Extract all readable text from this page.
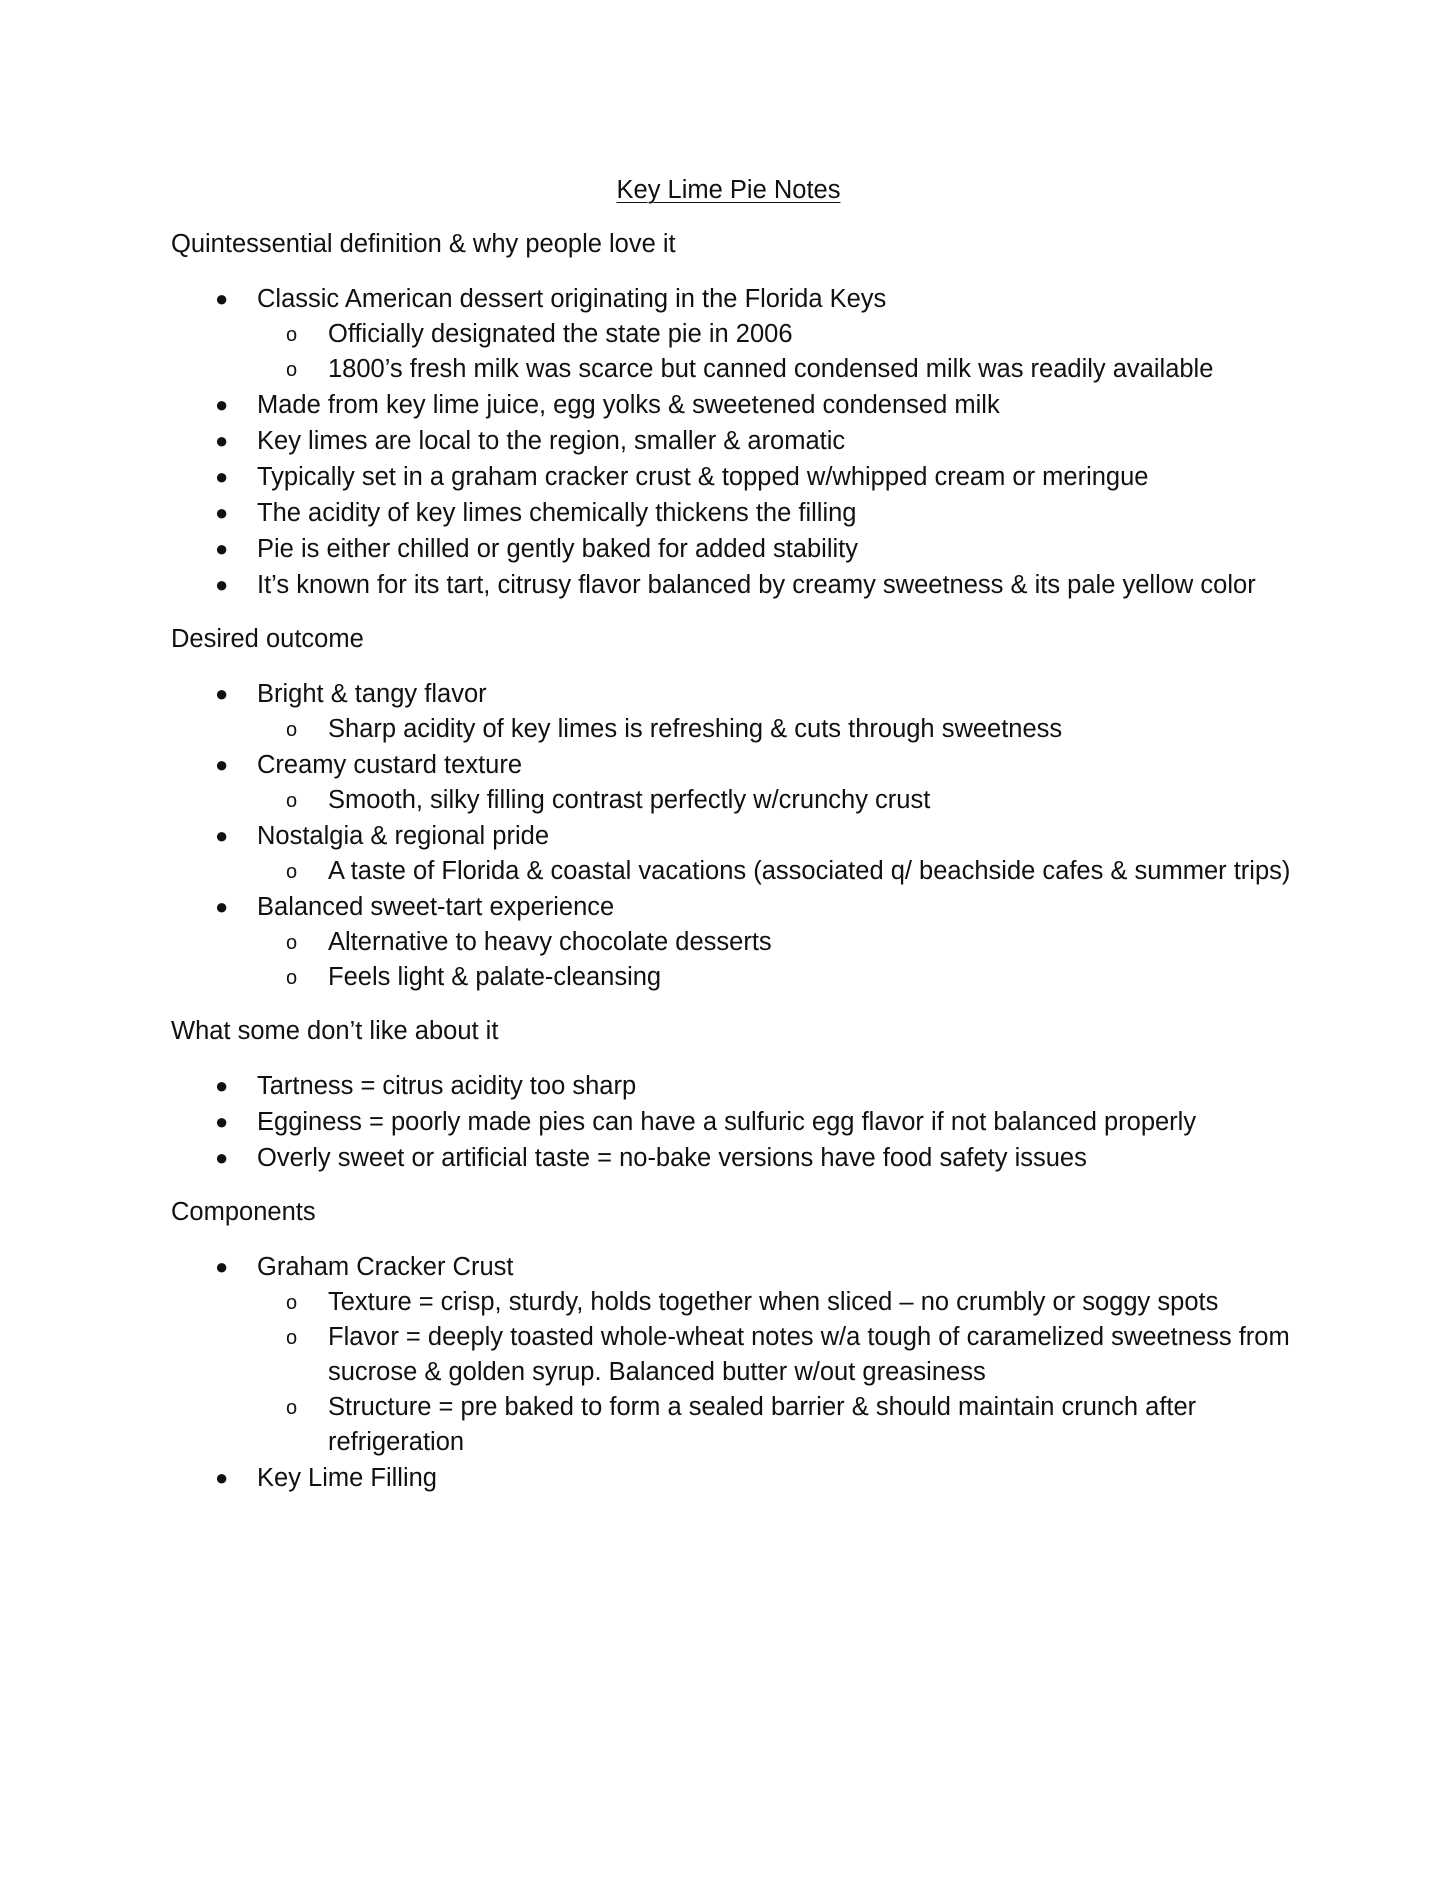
Key Lime Pie Notes
Quintessential definition & why people love it
● Classic American dessert originating in the Florida Keys
o Officially designated the state pie in 2006
o 1800’s fresh milk was scarce but canned condensed milk was readily available
● Made from key lime juice, egg yolks & sweetened condensed milk
● Key limes are local to the region, smaller & aromatic
● Typically set in a graham cracker crust & topped w/whipped cream or meringue
● The acidity of key limes chemically thickens the filling
● Pie is either chilled or gently baked for added stability
● It’s known for its tart, citrusy flavor balanced by creamy sweetness & its pale yellow color
Desired outcome
● Bright & tangy flavor
o Sharp acidity of key limes is refreshing & cuts through sweetness
● Creamy custard texture
o Smooth, silky filling contrast perfectly w/crunchy crust
● Nostalgia & regional pride
o A taste of Florida & coastal vacations (associated q/ beachside cafes & summer trips)
● Balanced sweet-tart experience
o Alternative to heavy chocolate desserts
o Feels light & palate-cleansing
What some don’t like about it
● Tartness = citrus acidity too sharp
● Egginess = poorly made pies can have a sulfuric egg flavor if not balanced properly
● Overly sweet or artificial taste = no-bake versions have food safety issues
Components
● Graham Cracker Crust
o Texture = crisp, sturdy, holds together when sliced – no crumbly or soggy spots
o Flavor = deeply toasted whole-wheat notes w/a tough of caramelized sweetness from sucrose & golden syrup. Balanced butter w/out greasiness
o Structure = pre baked to form a sealed barrier & should maintain crunch after refrigeration
● Key Lime Filling
